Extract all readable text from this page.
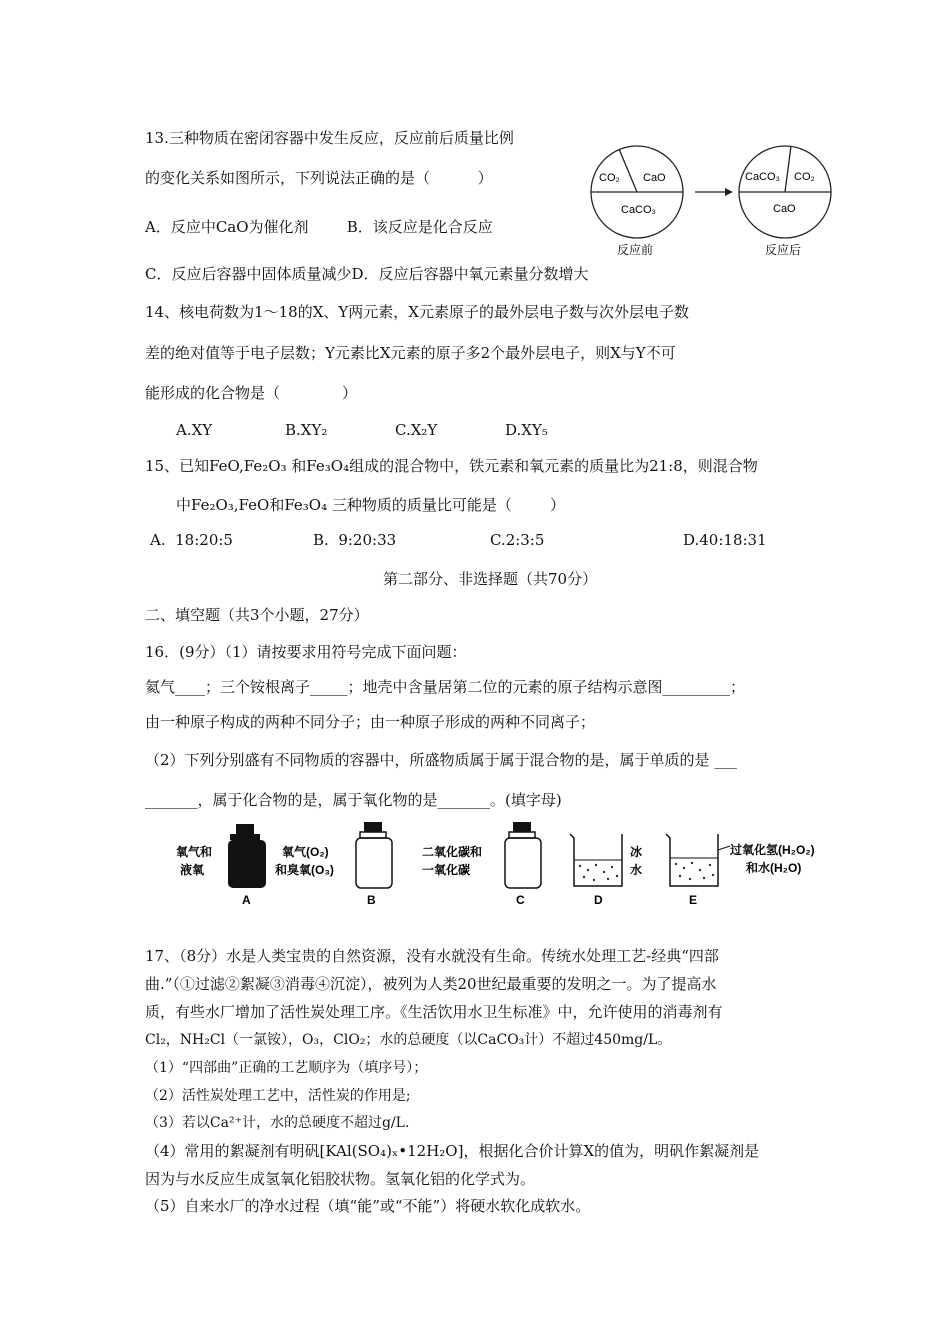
13.三种物质在密闭容器中发生反应，反应前后质量比例
的变化关系如图所示，下列说法正确的是（          ）
A．反应中CaO为催化剂        B．该反应是化合反应
C．反应后容器中固体质量减少D．反应后容器中氧元素量分数增大
CO₂ CaO
CaCO₃
反应前
CaCO₃ CO₂
CaO
反应后
14、核电荷数为1～18的X、Y两元素，X元素原子的最外层电子数与次外层电子数
差的绝对值等于电子层数；Y元素比X元素的原子多2个最外层电子，则X与Y不可
能形成的化合物是（             ）
A.XY	B.XY₂	C.X₂Y	D.XY₅
15、已知FeO,Fe₂O₃ 和Fe₃O₄组成的混合物中，铁元素和氧元素的质量比为21:8，则混合物
中Fe₂O₃,FeO和Fe₃O₄ 三种物质的质量比可能是（        ）
A.  18:20:5	B.  9:20:33	C.2:3:5	D.40:18:31
第二部分、非选择题（共70分）
二、填空题（共3个小题，27分）
16．(9分）（1）请按要求用符号完成下面问题：
氦气____；三个铵根离子_____；地壳中含量居第二位的元素的原子结构示意图_________；
由一种原子构成的两种不同分子；由一种原子形成的两种不同离子；
（2）下列分别盛有不同物质的容器中，所盛物质属于属于混合物的是，属于单质的是 ___
_______，属于化合物的是，属于氧化物的是_______。(填字母)
氧气和
液氧
A
氧气(O₂)
和臭氧(O₃)
B
二氧化碳和
一氧化碳
C
冰
水
D
过氧化氢(H₂O₂)
和水(H₂O)
E
17、（8分）水是人类宝贵的自然资源，没有水就没有生命。传统水处理工艺-经典“四部
曲.”（①过滤②絮凝③消毒④沉淀），被列为人类20世纪最重要的发明之一。为了提高水
质，有些水厂增加了活性炭处理工序。《生活饮用水卫生标准》中，允许使用的消毒剂有
Cl₂，NH₂Cl（一氯铵），O₃，ClO₂；水的总硬度（以CaCO₃计）不超过450mg/L。
（1）“四部曲”正确的工艺顺序为（填序号）；
（2）活性炭处理工艺中，活性炭的作用是;
（3）若以Ca²⁺计，水的总硬度不超过g/L.
（4）常用的絮凝剂有明矾[KAl(SO₄)ₓ•12H₂O]，根据化合价计算X的值为，明矾作絮凝剂是
因为与水反应生成氢氧化铝胶状物。氢氧化铝的化学式为。
（5）自来水厂的净水过程（填“能”或“不能”）将硬水软化成软水。
